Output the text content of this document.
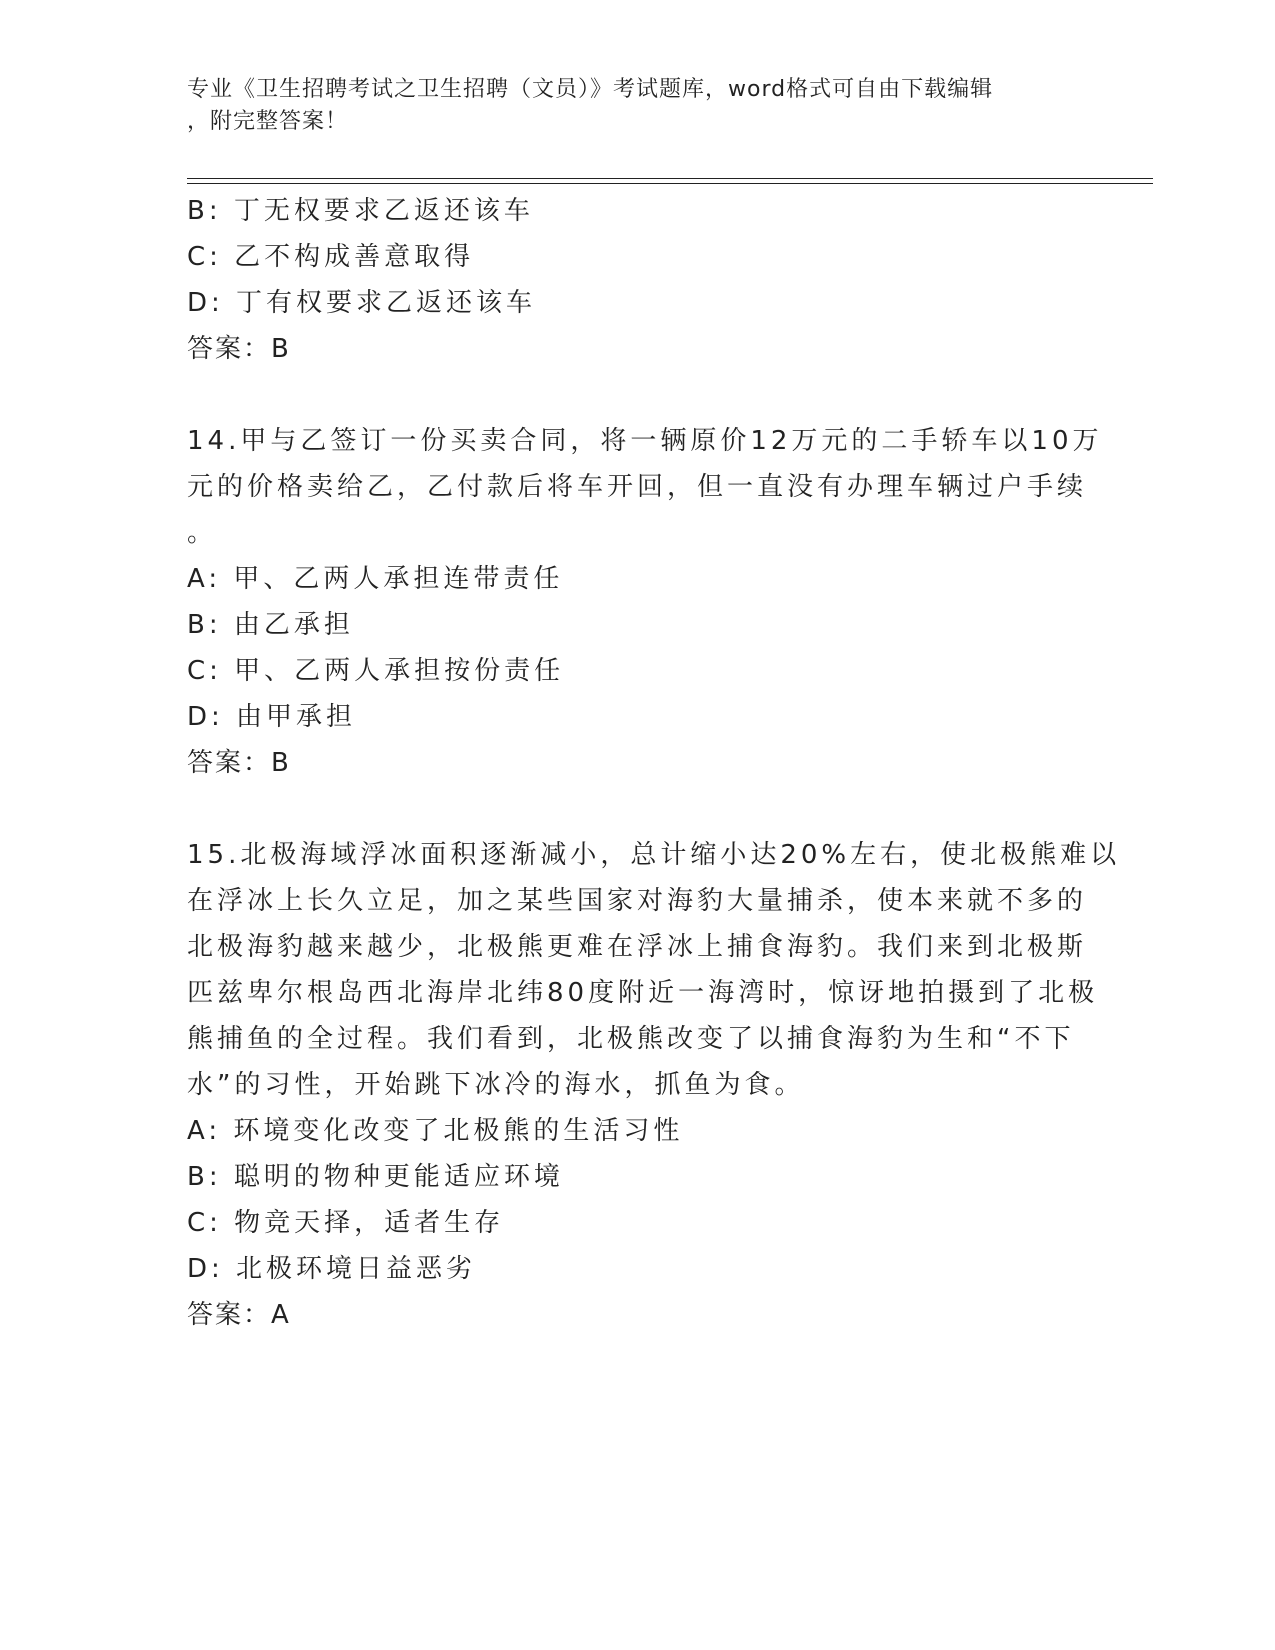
专业《卫生招聘考试之卫生招聘（文员）》考试题库，word格式可自由下载编辑
，附完整答案！
B: 丁无权要求乙返还该车
C: 乙不构成善意取得
D: 丁有权要求乙返还该车
答案：B
14.甲与乙签订一份买卖合同，将一辆原价12万元的二手轿车以10万
元的价格卖给乙，乙付款后将车开回，但一直没有办理车辆过户手续
。
A: 甲、乙两人承担连带责任
B: 由乙承担
C: 甲、乙两人承担按份责任
D: 由甲承担
答案：B
15.北极海域浮冰面积逐渐减小，总计缩小达20%左右，使北极熊难以
在浮冰上长久立足，加之某些国家对海豹大量捕杀，使本来就不多的
北极海豹越来越少，北极熊更难在浮冰上捕食海豹。我们来到北极斯
匹兹卑尔根岛西北海岸北纬80度附近一海湾时，惊讶地拍摄到了北极
熊捕鱼的全过程。我们看到，北极熊改变了以捕食海豹为生和“不下
水”的习性，开始跳下冰冷的海水，抓鱼为食。
A: 环境变化改变了北极熊的生活习性
B: 聪明的物种更能适应环境
C: 物竞天择，适者生存
D: 北极环境日益恶劣
答案：A
